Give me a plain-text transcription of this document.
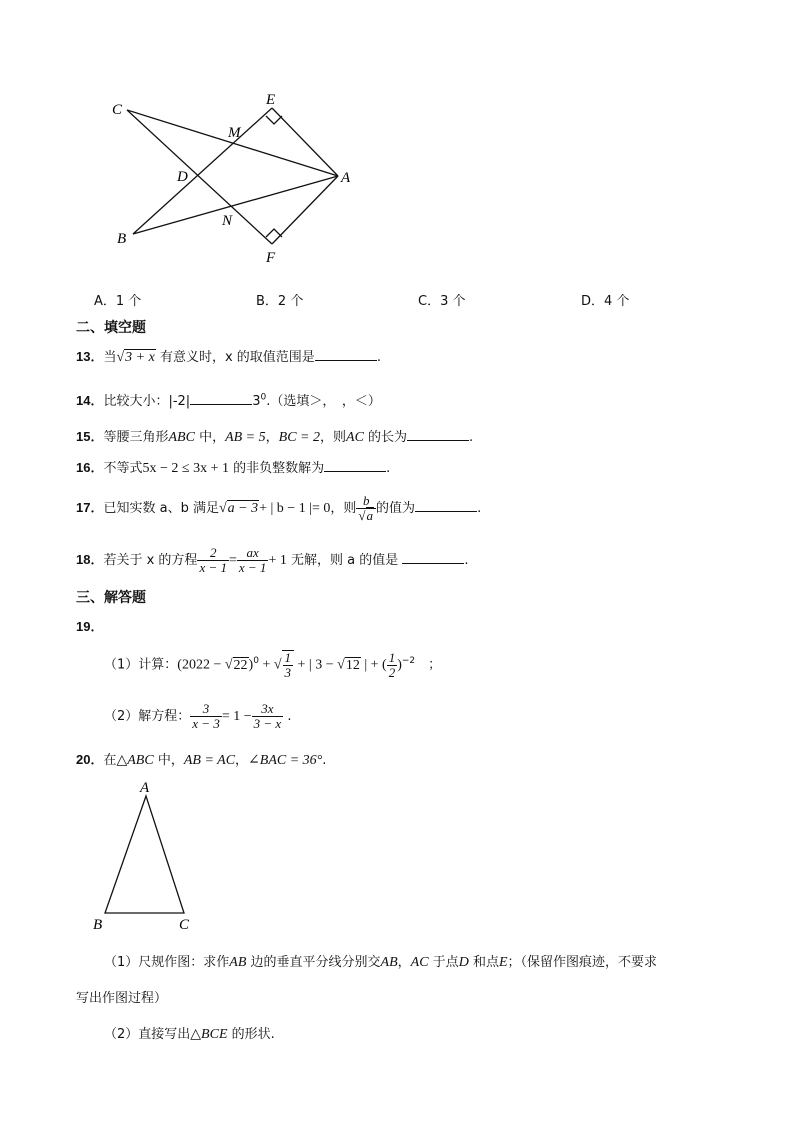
C
E
M
D	A
N
B
F
A．1 个	B．2 个	C．3 个	D．4 个
二、填空题
13．当√3 + x 有意义时，x 的取值范围是	.
14．比较大小：|-2|	$3^0$.（选填＞，　，＜）
15．等腰三角形ABC 中，AB = 5，BC = 2，则AC 的长为	.
16．不等式5x − 2 ≤ 3x + 1 的非负整数解为	.
17．已知实数 a、b 满足√a − 3+ | b − 1 |= 0，则 $\frac{b}{√a}$ 的值为	.
18．若关于 x 的方程 $\frac{2}{x - 1} = \frac{ax}{x - 1} + 1$ 无解，则 a 的值是	.
三、解答题
19．
（1）计算：$(2022 - √22)^0$ + √ $\frac{1}{3}$ + | 3 − √12 | + ( $\frac{1}{2} )^{-2}$　 ；
（2）解方程： $\frac{3}{x - 3} = 1 - \frac{3x}{3 - x}$ .
20．在△ABC 中，AB = AC，∠BAC = 36°.
A
B	C
（1）尺规作图：求作AB 边的垂直平分线分别交AB，AC 于点D 和点E；（保留作图痕迹，不要求
写出作图过程）
（2）直接写出△BCE 的形状.
